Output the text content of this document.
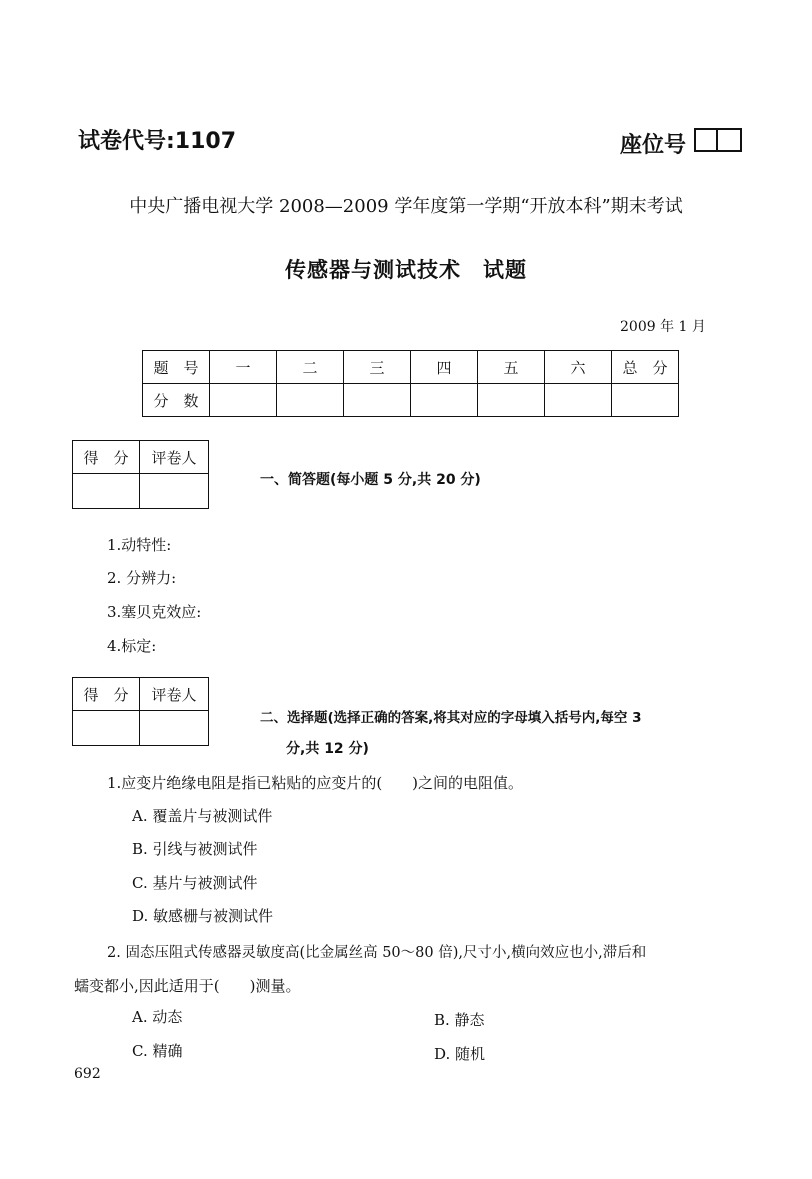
试卷代号:1107	座位号
中央广播电视大学 2008—2009 学年度第一学期“开放本科”期末考试
传感器与测试技术　试题
2009 年 1 月
题　号	一	二	三	四	五	六	总　分
分　数							
得　分	评卷人

一、简答题(每小题 5 分,共 20 分)
1.动特性:
2. 分辨力:
3.塞贝克效应:
4.标定:
得　分	评卷人

二、选择题(选择正确的答案,将其对应的字母填入括号内,每空 3
分,共 12 分)
1.应变片绝缘电阻是指已粘贴的应变片的(　　)之间的电阻值。
A. 覆盖片与被测试件
B. 引线与被测试件
C. 基片与被测试件
D. 敏感栅与被测试件
2. 固态压阻式传感器灵敏度高(比金属丝高 50～80 倍),尺寸小,横向效应也小,滞后和
蠕变都小,因此适用于(　　)测量。
A. 动态	B. 静态
C. 精确	D. 随机
692
